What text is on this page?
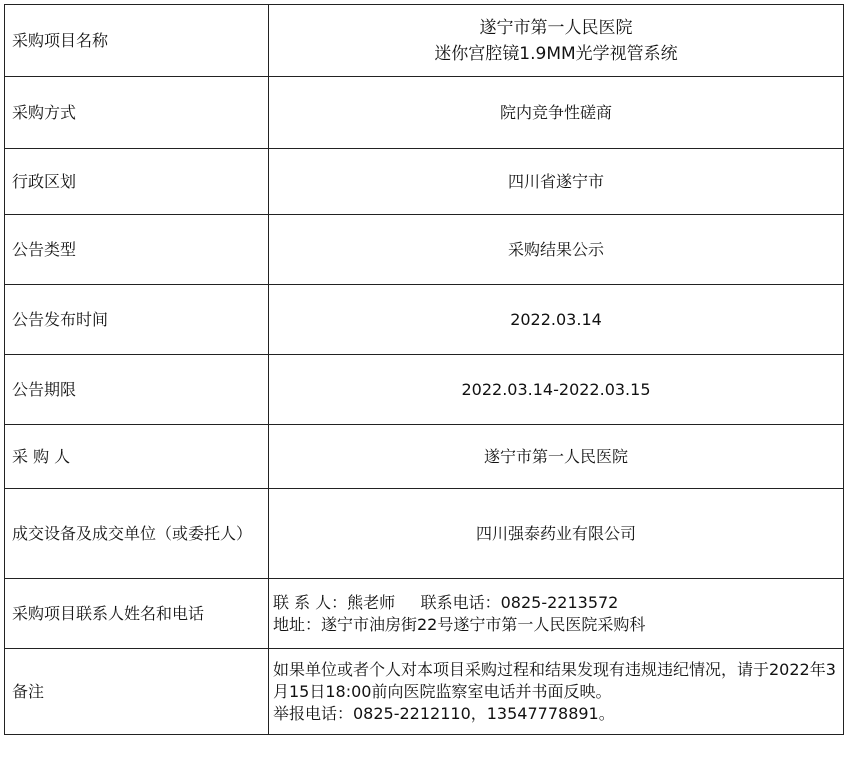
采购项目名称	遂宁市第一人民医院
迷你宫腔镜1.9MM光学视管系统

采购方式	院内竞争性磋商
行政区划	四川省遂宁市
公告类型	采购结果公示
公告发布时间	2022.03.14
公告期限	2022.03.14-2022.03.15
采 购 人	遂宁市第一人民医院
成交设备及成交单位（或委托人）	四川强泰药业有限公司
采购项目联系人姓名和电话	联 系 人：熊老师     联系电话：0825-2213572
地址：遂宁市油房街22号遂宁市第一人民医院采购科

备注	如果单位或者个人对本项目采购过程和结果发现有违规违纪情况，请于2022年3月15日18:00前向医院监察室电话并书面反映。
举报电话：0825-2212110，13547778891。
